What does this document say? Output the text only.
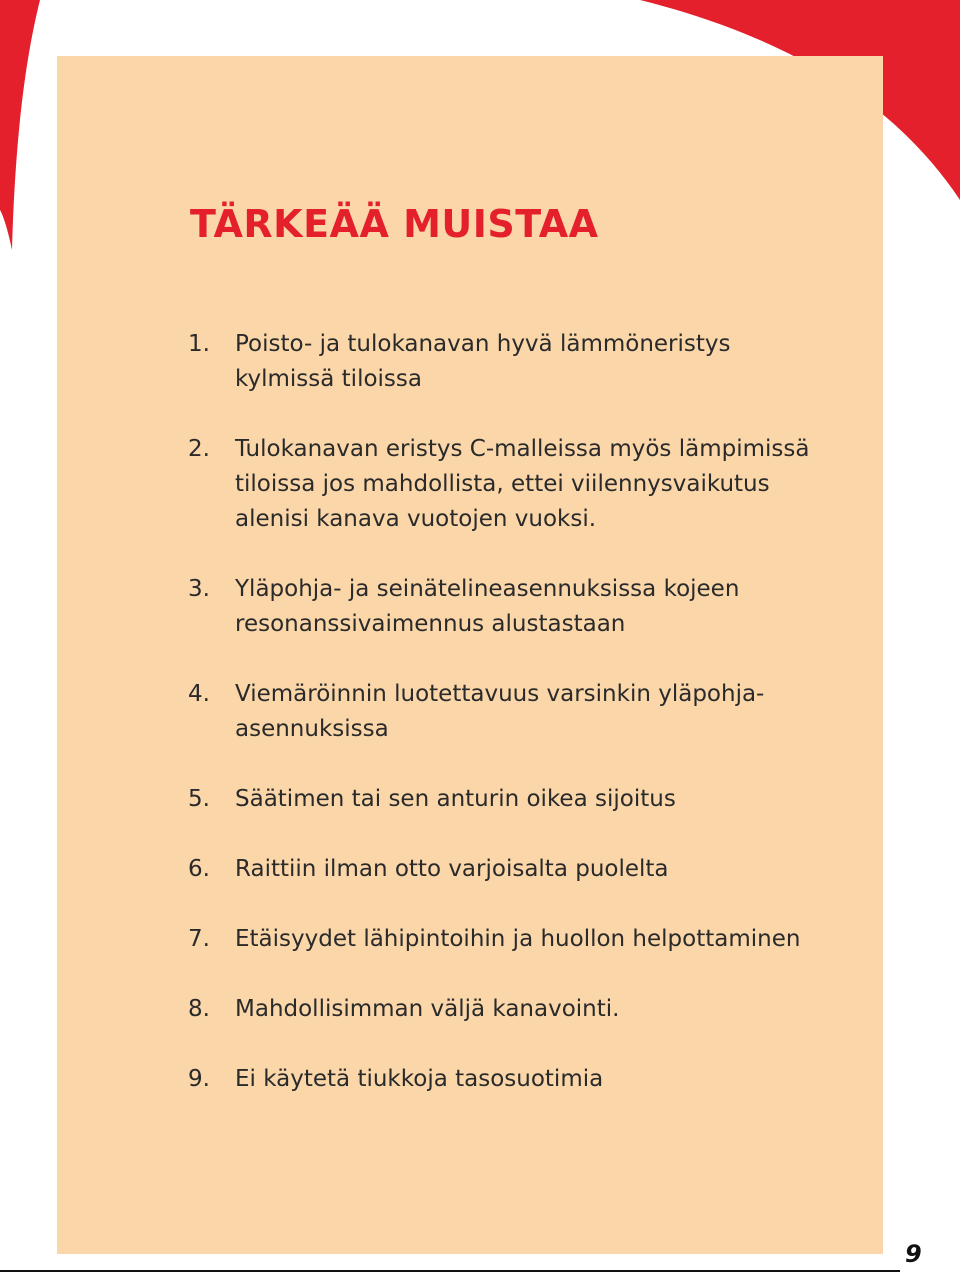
TÄRKEÄÄ MUISTAA
1.	Poisto- ja tulokanavan hyvä lämmöneristys
kylmissä tiloissa
2.	Tulokanavan eristys C-malleissa myös lämpimissä
tiloissa jos mahdollista, ettei viilennysvaikutus
alenisi kanava vuotojen vuoksi.
3.	Yläpohja- ja seinätelineasennuksissa kojeen
resonanssivaimennus alustastaan
4.	Viemäröinnin luotettavuus varsinkin yläpohja-
asennuksissa
5.	Säätimen tai sen anturin oikea sijoitus
6.	Raittiin ilman otto varjoisalta puolelta
7.	Etäisyydet lähipintoihin ja huollon helpottaminen
8.	Mahdollisimman väljä kanavointi.
9.	Ei käytetä tiukkoja tasosuotimia
9
